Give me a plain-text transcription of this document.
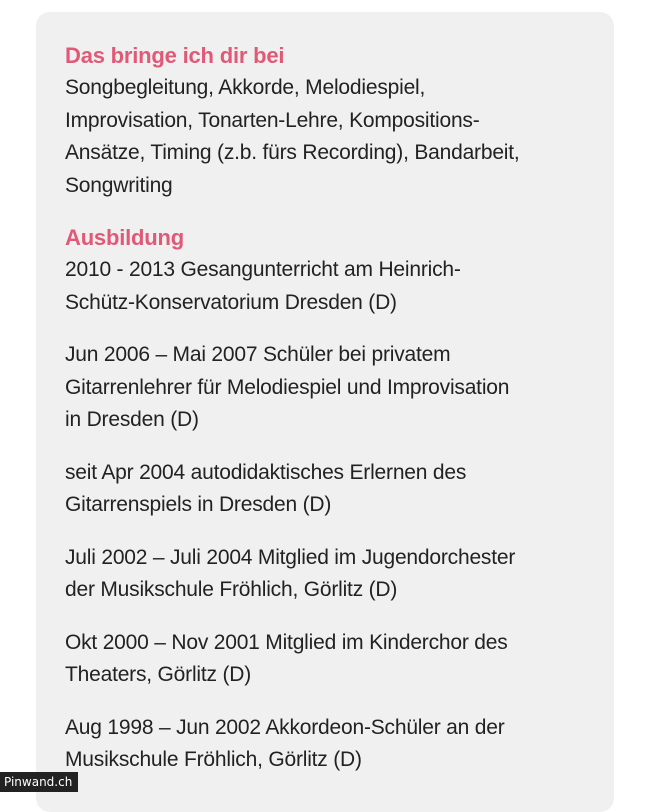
Das bringe ich dir bei

Songbegleitung, Akkorde, Melodiespiel,

Improvisation, Tonarten-Lehre, Kompositions-

Ansätze, Timing (z.b. fürs Recording), Bandarbeit,

Songwriting

Ausbildung

2010 - 2013 Gesangunterricht am Heinrich-

Schütz-Konservatorium Dresden (D)

Jun 2006 – Mai 2007 Schüler bei privatem

Gitarrenlehrer für Melodiespiel und Improvisation

in Dresden (D)

seit Apr 2004 autodidaktisches Erlernen des

Gitarrenspiels in Dresden (D)

Juli 2002 – Juli 2004 Mitglied im Jugendorchester

der Musikschule Fröhlich, Görlitz (D)

Okt 2000 – Nov 2001 Mitglied im Kinderchor des

Theaters, Görlitz (D)

Aug 1998 – Jun 2002 Akkordeon-Schüler an der

Musikschule Fröhlich, Görlitz (D)

Pinwand.ch
